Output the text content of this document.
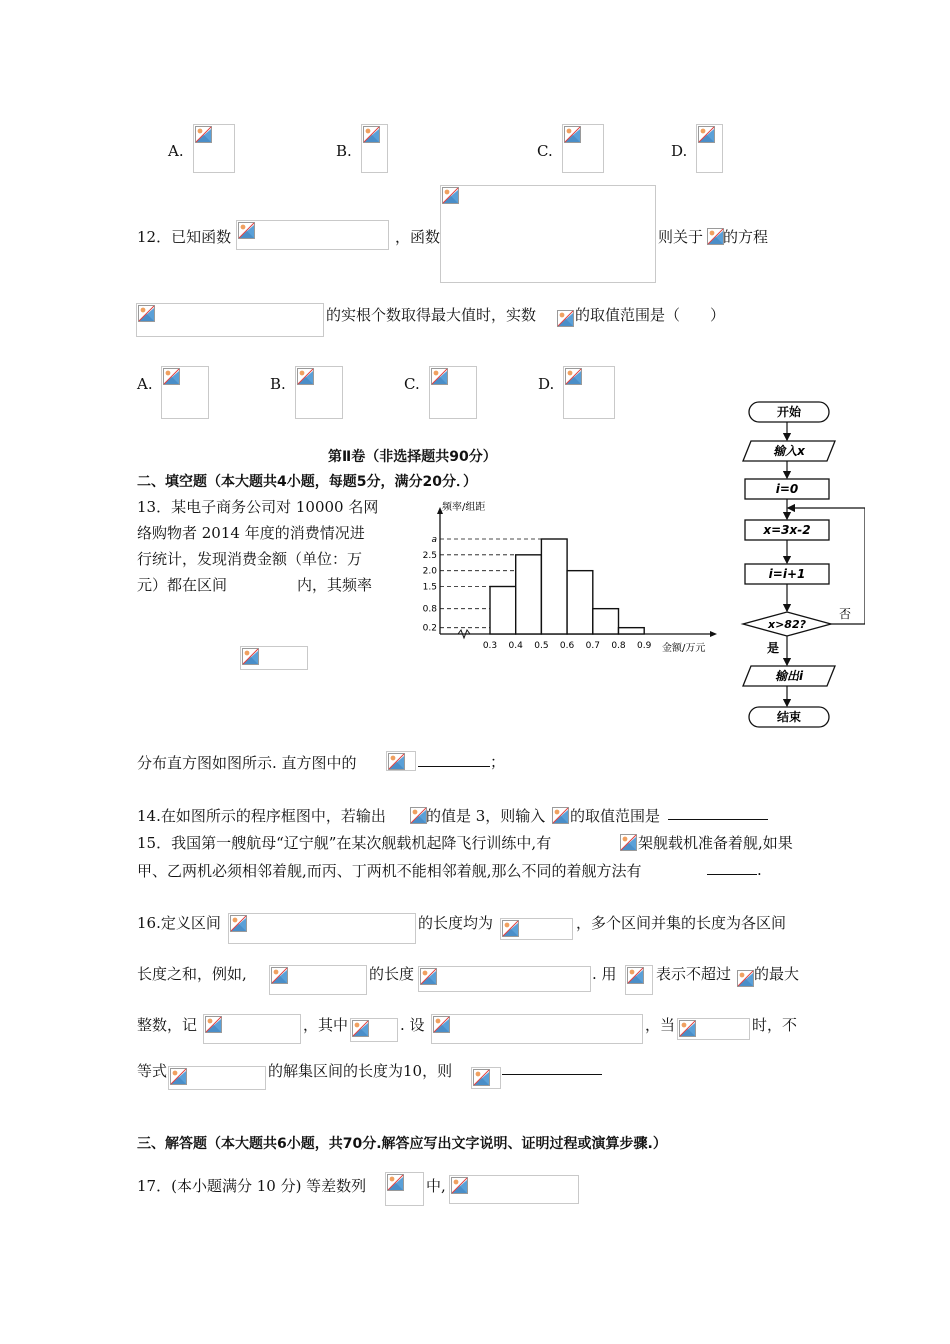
A.	B.	C.	D.
12．已知函数	，函数	则关于 的方程
的实根个数取得最大值时，实数	的取值范围是（　　）
A.	B.	C.	D.
第Ⅱ卷（非选择题共90分）
二、填空题（本大题共4小题，每题5分，满分20分．）
13．某电子商务公司对 10000 名网
络购物者 2014 年度的消费情况进
行统计，发现消费金额（单位：万
元）都在区间	内，其频率
频率/组距
金额/万元
0.2
0.8
1.5
2.0
2.5
a
0.3 0.4 0.5 0.6 0.7 0.8 0.9
开始
输入x
i=0
x=3x-2
i=i+1
x>82?
输出i
结束
否
是
分布直方图如图所示. 直方图中的	；
14.在如图所示的程序框图中，若输出	的值是 3，则输入 的取值范围是
15．我国第一艘航母“辽宁舰”在某次舰载机起降飞行训练中,有	架舰载机准备着舰,如果
甲、乙两机必须相邻着舰,而丙、丁两机不能相邻着舰,那么不同的着舰方法有	.
16.定义区间	的长度均为	，多个区间并集的长度为各区间
长度之和，例如,	的长度	. 用	表示不超过 的最大
整数，记	，其中	. 设	，当	时，不
等式	的解集区间的长度为10，则
三、解答题（本大题共6小题，共70分.解答应写出文字说明、证明过程或演算步骤.）
17．(本小题满分 10 分) 等差数列	中,
